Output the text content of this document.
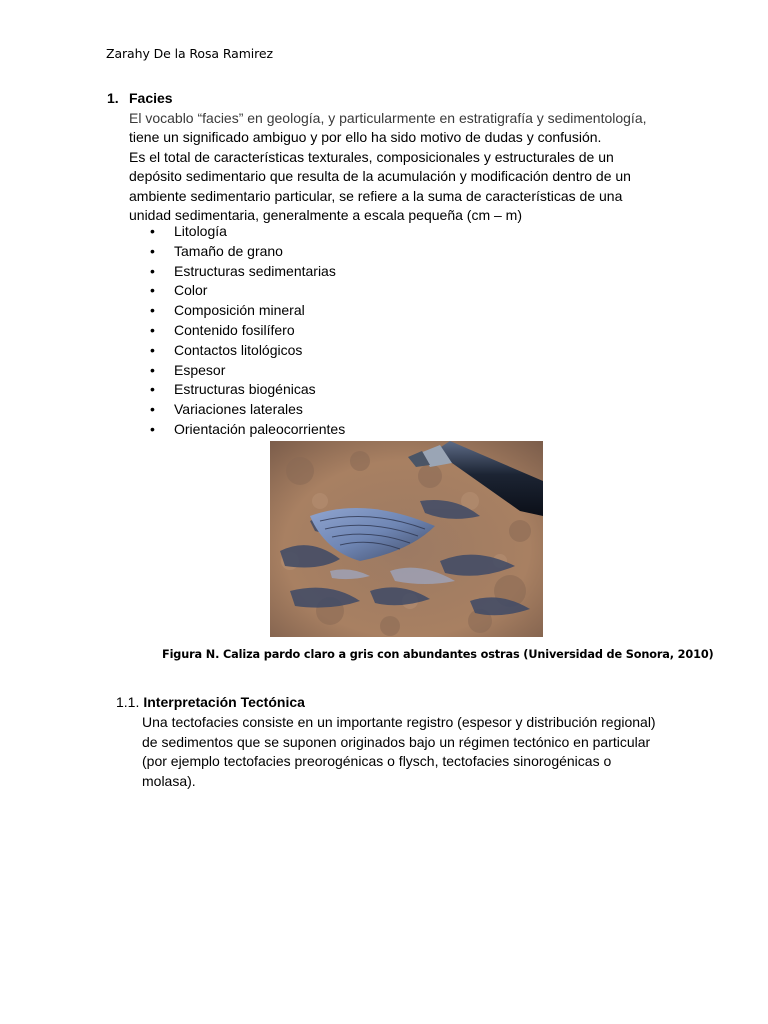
Zarahy De la Rosa Ramirez
1. Facies

El vocablo “facies” en geología, y particularmente en estratigrafía y sedimentología,

tiene un significado ambiguo y por ello ha sido motivo de dudas y confusión.

Es el total de características texturales, composicionales y estructurales de un

depósito sedimentario que resulta de la acumulación y modificación dentro de un

ambiente sedimentario particular, se refiere a la suma de características de una

unidad sedimentaria, generalmente a escala pequeña (cm – m)

• Litología
• Tamaño de grano
• Estructuras sedimentarias
• Color
• Composición mineral
• Contenido fosilífero
• Contactos litológicos
• Espesor
• Estructuras biogénicas
• Variaciones laterales
• Orientación paleocorrientes
Figura N. Caliza pardo claro a gris con abundantes ostras (Universidad de Sonora, 2010)
1.1. Interpretación Tectónica
Una tectofacies consiste en un importante registro (espesor y distribución regional)
de sedimentos que se suponen originados bajo un régimen tectónico en particular
(por ejemplo tectofacies preorogénicas o flysch, tectofacies sinorogénicas o
molasa).
